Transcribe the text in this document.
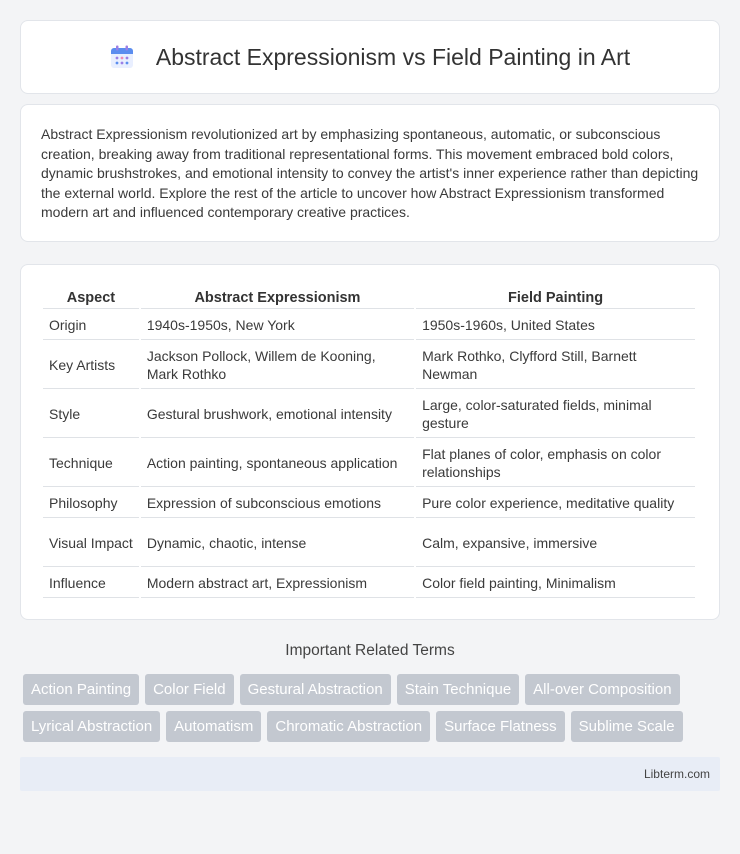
Abstract Expressionism vs Field Painting in Art

Abstract Expressionism revolutionized art by emphasizing spontaneous, automatic, or subconscious creation, breaking away from traditional representational forms. This movement embraced bold colors, dynamic brushstrokes, and emotional intensity to convey the artist's inner experience rather than depicting the external world. Explore the rest of the article to uncover how Abstract Expressionism transformed modern art and influenced contemporary creative practices.

Aspect	Abstract Expressionism	Field Painting
Origin	1940s-1950s, New York	1950s-1960s, United States
Key Artists	Jackson Pollock, Willem de Kooning, Mark Rothko	Mark Rothko, Clyfford Still, Barnett Newman
Style	Gestural brushwork, emotional intensity	Large, color-saturated fields, minimal gesture
Technique	Action painting, spontaneous application	Flat planes of color, emphasis on color relationships
Philosophy	Expression of subconscious emotions	Pure color experience, meditative quality
Visual Impact	Dynamic, chaotic, intense	Calm, expansive, immersive
Influence	Modern abstract art, Expressionism	Color field painting, Minimalism
Important Related Terms
Action Painting	Color Field	Gestural Abstraction	Stain Technique	All-over Composition
Lyrical Abstraction	Automatism	Chromatic Abstraction	Surface Flatness	Sublime Scale
Libterm.com
